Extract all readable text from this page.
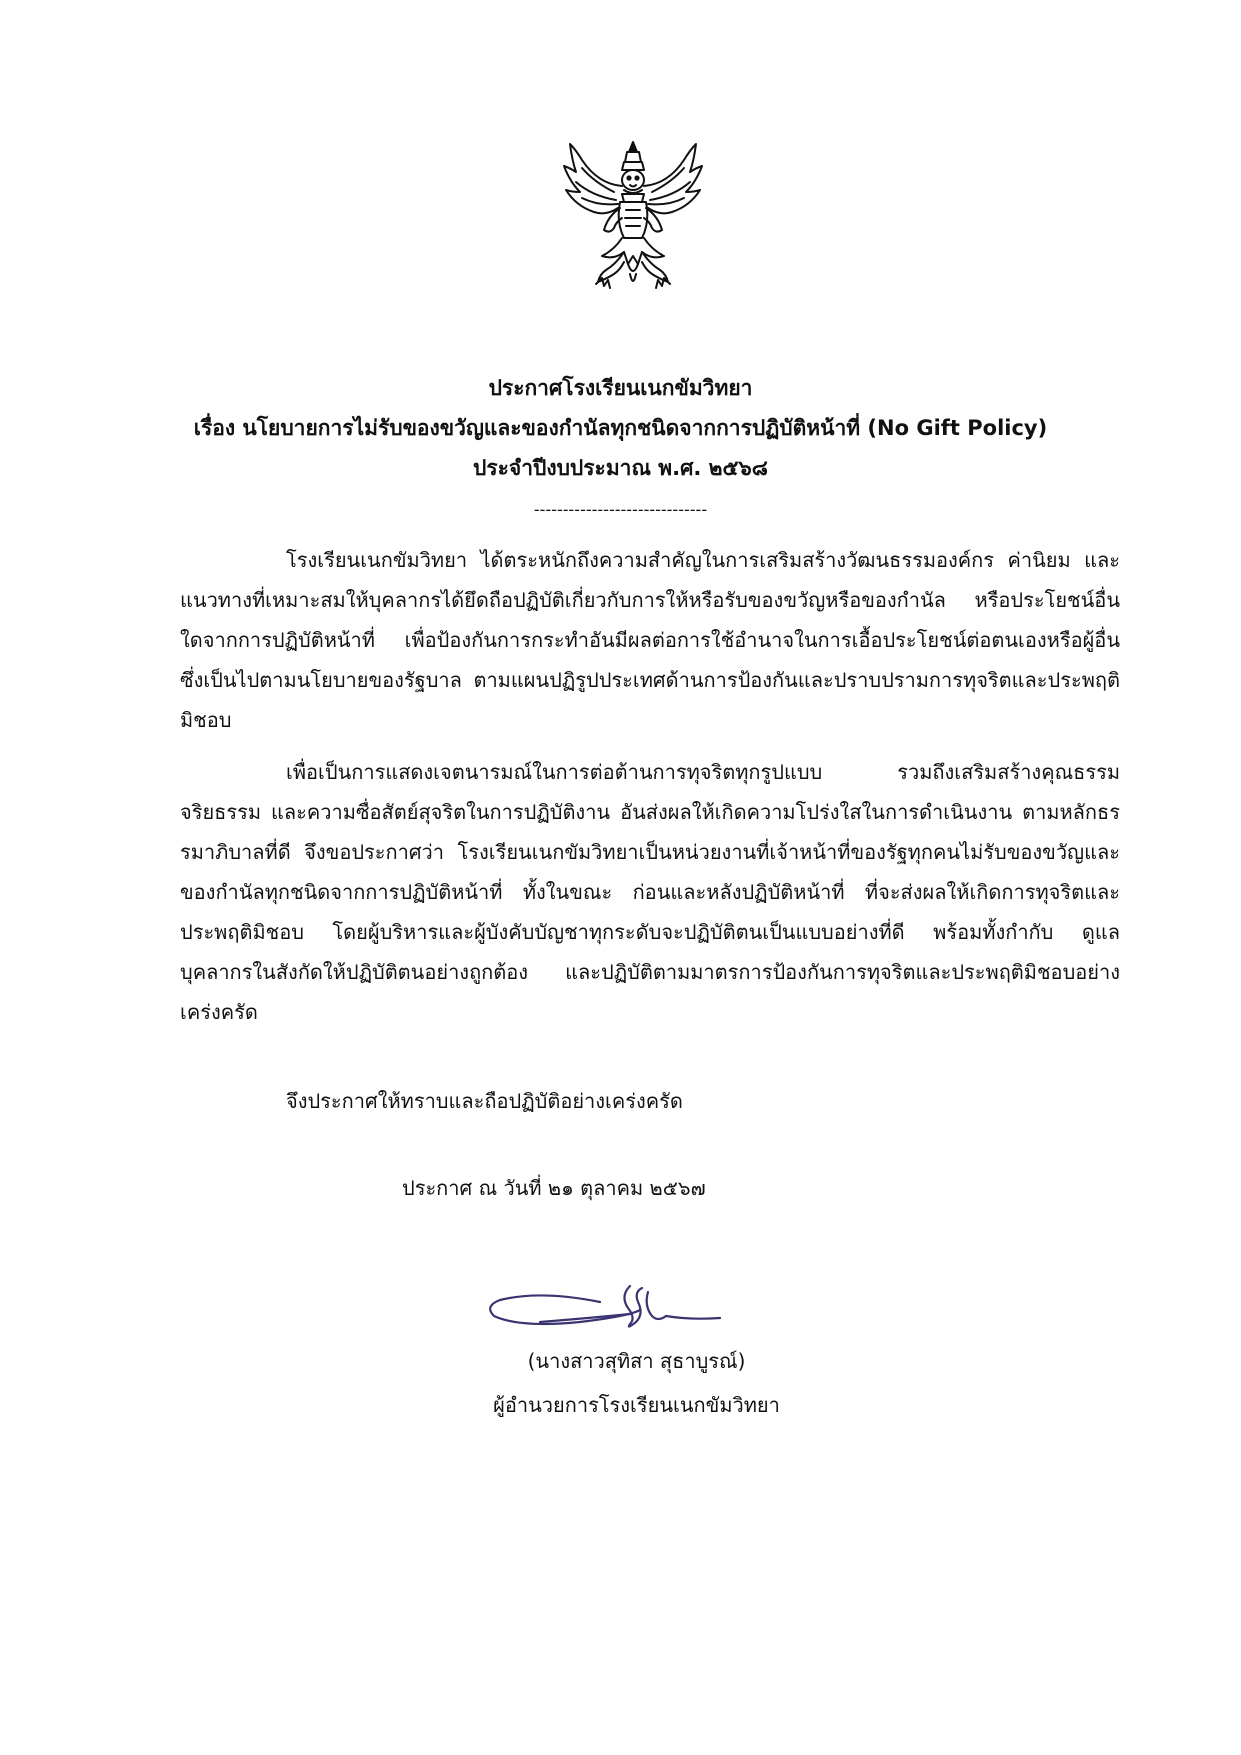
ประกาศโรงเรียนเนกขัมวิทยา
เรื่อง นโยบายการไม่รับของขวัญและของกำนัลทุกชนิดจากการปฏิบัติหน้าที่ (No Gift Policy)
ประจำปีงบประมาณ พ.ศ. ๒๕๖๘
------------------------------

โรงเรียนเนกขัมวิทยา ได้ตระหนักถึงความสำคัญในการเสริมสร้างวัฒนธรรมองค์กร ค่านิยม และแนวทางที่เหมาะสมให้บุคลากรได้ยึดถือปฏิบัติเกี่ยวกับการให้หรือรับของขวัญหรือของกำนัล หรือประโยชน์อื่นใดจากการปฏิบัติหน้าที่ เพื่อป้องกันการกระทำอันมีผลต่อการใช้อำนาจในการเอื้อประโยชน์ต่อตนเองหรือผู้อื่น ซึ่งเป็นไปตามนโยบายของรัฐบาล ตามแผนปฏิรูปประเทศด้านการป้องกันและปราบปรามการทุจริตและประพฤติมิชอบ

เพื่อเป็นการแสดงเจตนารมณ์ในการต่อต้านการทุจริตทุกรูปแบบ รวมถึงเสริมสร้างคุณธรรม จริยธรรม และความซื่อสัตย์สุจริตในการปฏิบัติงาน อันส่งผลให้เกิดความโปร่งใสในการดำเนินงาน ตามหลักธรรมาภิบาลที่ดี จึงขอประกาศว่า โรงเรียนเนกขัมวิทยาเป็นหน่วยงานที่เจ้าหน้าที่ของรัฐทุกคนไม่รับของขวัญและของกำนัลทุกชนิดจากการปฏิบัติหน้าที่ ทั้งในขณะ ก่อนและหลังปฏิบัติหน้าที่ ที่จะส่งผลให้เกิดการทุจริตและประพฤติมิชอบ โดยผู้บริหารและผู้บังคับบัญชาทุกระดับจะปฏิบัติตนเป็นแบบอย่างที่ดี พร้อมทั้งกำกับ ดูแลบุคลากรในสังกัดให้ปฏิบัติตนอย่างถูกต้อง และปฏิบัติตามมาตรการป้องกันการทุจริตและประพฤติมิชอบอย่างเคร่งครัด

จึงประกาศให้ทราบและถือปฏิบัติอย่างเคร่งครัด
ประกาศ ณ วันที่ ๒๑ ตุลาคม ๒๕๖๗
(นางสาวสุทิสา สุธาบูรณ์)
ผู้อำนวยการโรงเรียนเนกขัมวิทยา
